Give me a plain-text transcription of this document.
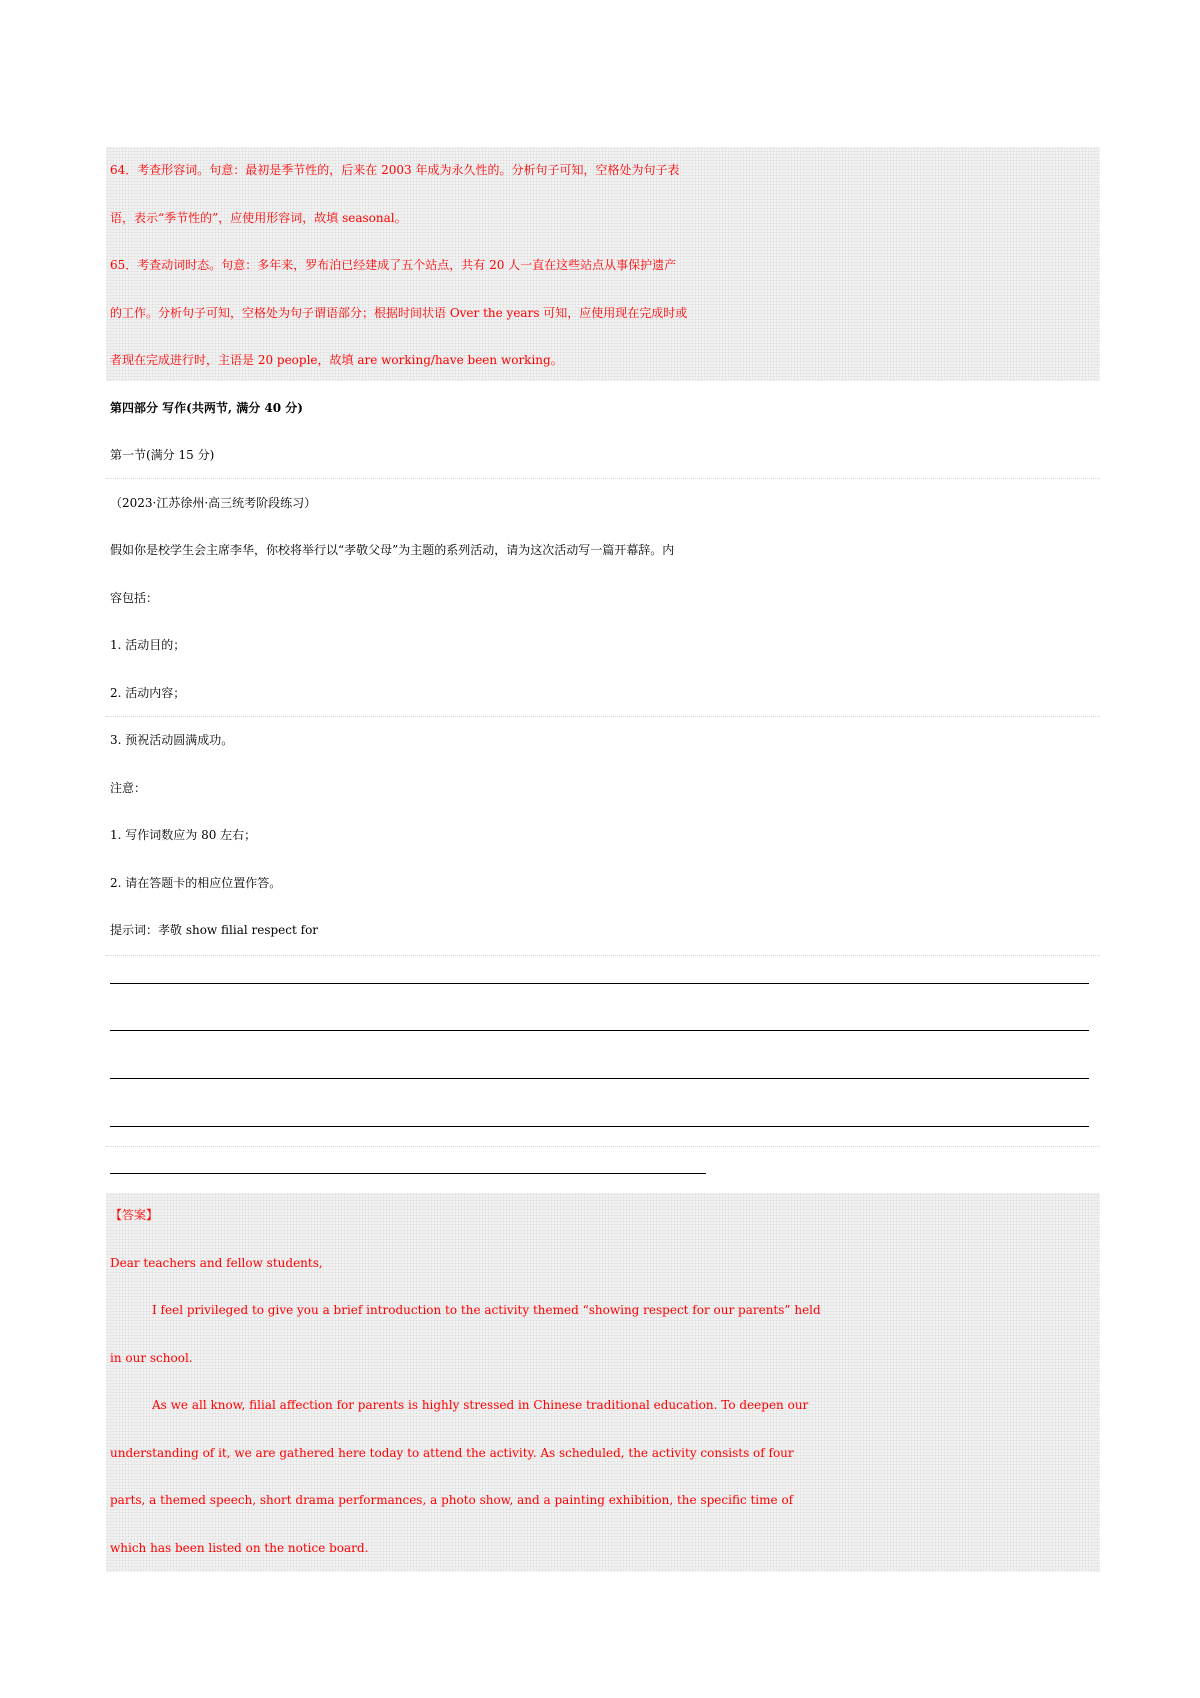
64．考查形容词。句意：最初是季节性的，后来在 2003 年成为永久性的。分析句子可知，空格处为句子表
语，表示“季节性的”，应使用形容词，故填 seasonal。
65．考查动词时态。句意：多年来，罗布泊已经建成了五个站点，共有 20 人一直在这些站点从事保护遗产
的工作。分析句子可知，空格处为句子谓语部分；根据时间状语 Over the years 可知，应使用现在完成时或
者现在完成进行时，主语是 20 people，故填 are working/have been working。
第四部分 写作(共两节, 满分 40 分)
第一节(满分 15 分)
（2023·江苏徐州·高三统考阶段练习）
假如你是校学生会主席李华，你校将举行以“孝敬父母”为主题的系列活动，请为这次活动写一篇开幕辞。内
容包括：
1. 活动目的；
2. 活动内容；
3. 预祝活动圆满成功。
注意：
1. 写作词数应为 80 左右；
2. 请在答题卡的相应位置作答。
提示词：孝敬 show filial respect for
【答案】
Dear teachers and fellow students,
I feel privileged to give you a brief introduction to the activity themed “showing respect for our parents” held
in our school.
As we all know, filial affection for parents is highly stressed in Chinese traditional education. To deepen our
understanding of it, we are gathered here today to attend the activity. As scheduled, the activity consists of four
parts, a themed speech, short drama performances, a photo show, and a painting exhibition, the specific time of
which has been listed on the notice board.
